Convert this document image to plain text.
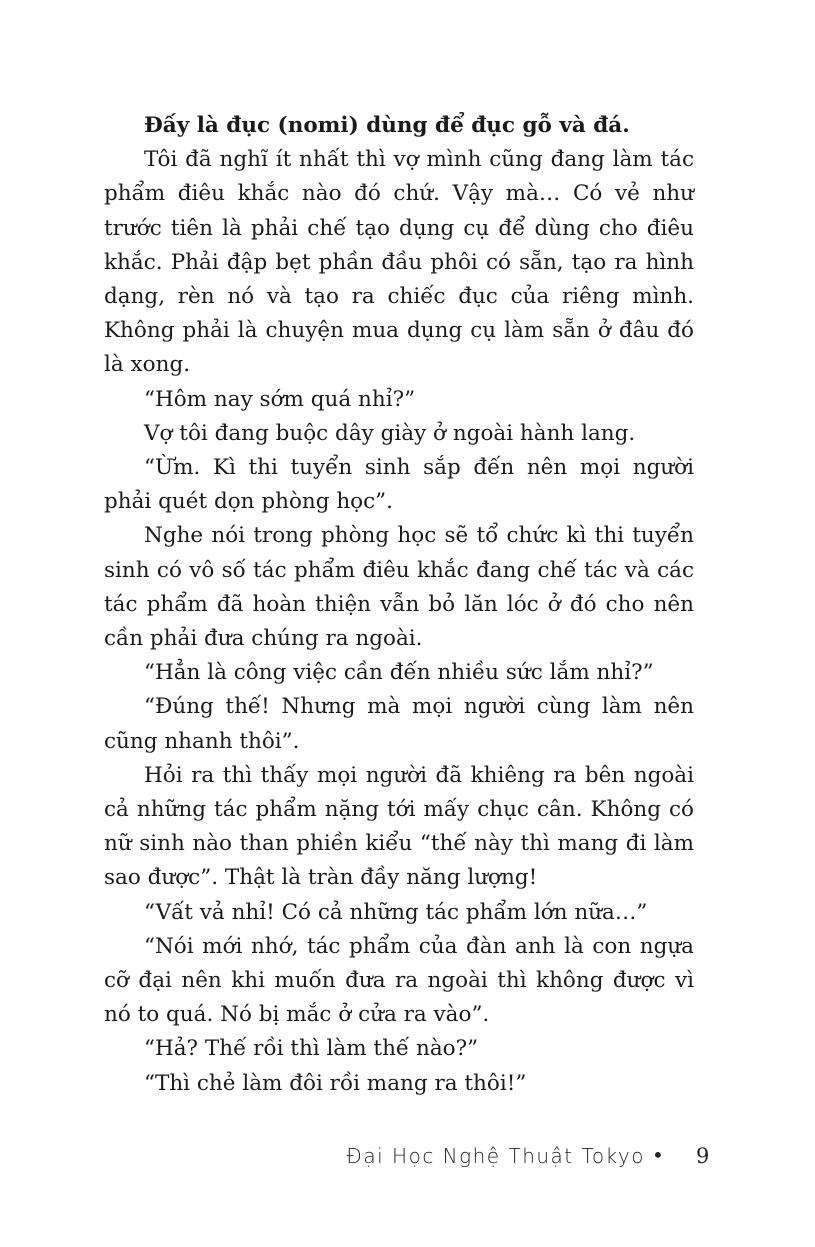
Đấy là đục (nomi) dùng để đục gỗ và đá.

Tôi đã nghĩ ít nhất thì vợ mình cũng đang làm tác phẩm điêu khắc nào đó chứ. Vậy mà… Có vẻ như trước tiên là phải chế tạo dụng cụ để dùng cho điêu khắc. Phải đập bẹt phần đầu phôi có sẵn, tạo ra hình dạng, rèn nó và tạo ra chiếc đục của riêng mình. Không phải là chuyện mua dụng cụ làm sẵn ở đâu đó là xong.

“Hôm nay sớm quá nhỉ?”

Vợ tôi đang buộc dây giày ở ngoài hành lang.

“Ừm. Kì thi tuyển sinh sắp đến nên mọi người phải quét dọn phòng học”.

Nghe nói trong phòng học sẽ tổ chức kì thi tuyển sinh có vô số tác phẩm điêu khắc đang chế tác và các tác phẩm đã hoàn thiện vẫn bỏ lăn lóc ở đó cho nên cần phải đưa chúng ra ngoài.

“Hẳn là công việc cần đến nhiều sức lắm nhỉ?”

“Đúng thế! Nhưng mà mọi người cùng làm nên cũng nhanh thôi”.

Hỏi ra thì thấy mọi người đã khiêng ra bên ngoài cả những tác phẩm nặng tới mấy chục cân. Không có nữ sinh nào than phiền kiểu “thế này thì mang đi làm sao được”. Thật là tràn đầy năng lượng!

“Vất vả nhỉ! Có cả những tác phẩm lớn nữa…”

“Nói mới nhớ, tác phẩm của đàn anh là con ngựa cỡ đại nên khi muốn đưa ra ngoài thì không được vì nó to quá. Nó bị mắc ở cửa ra vào”.

“Hả? Thế rồi thì làm thế nào?”

“Thì chẻ làm đôi rồi mang ra thôi!”

Đại Học Nghệ Thuật Tokyo • 9
